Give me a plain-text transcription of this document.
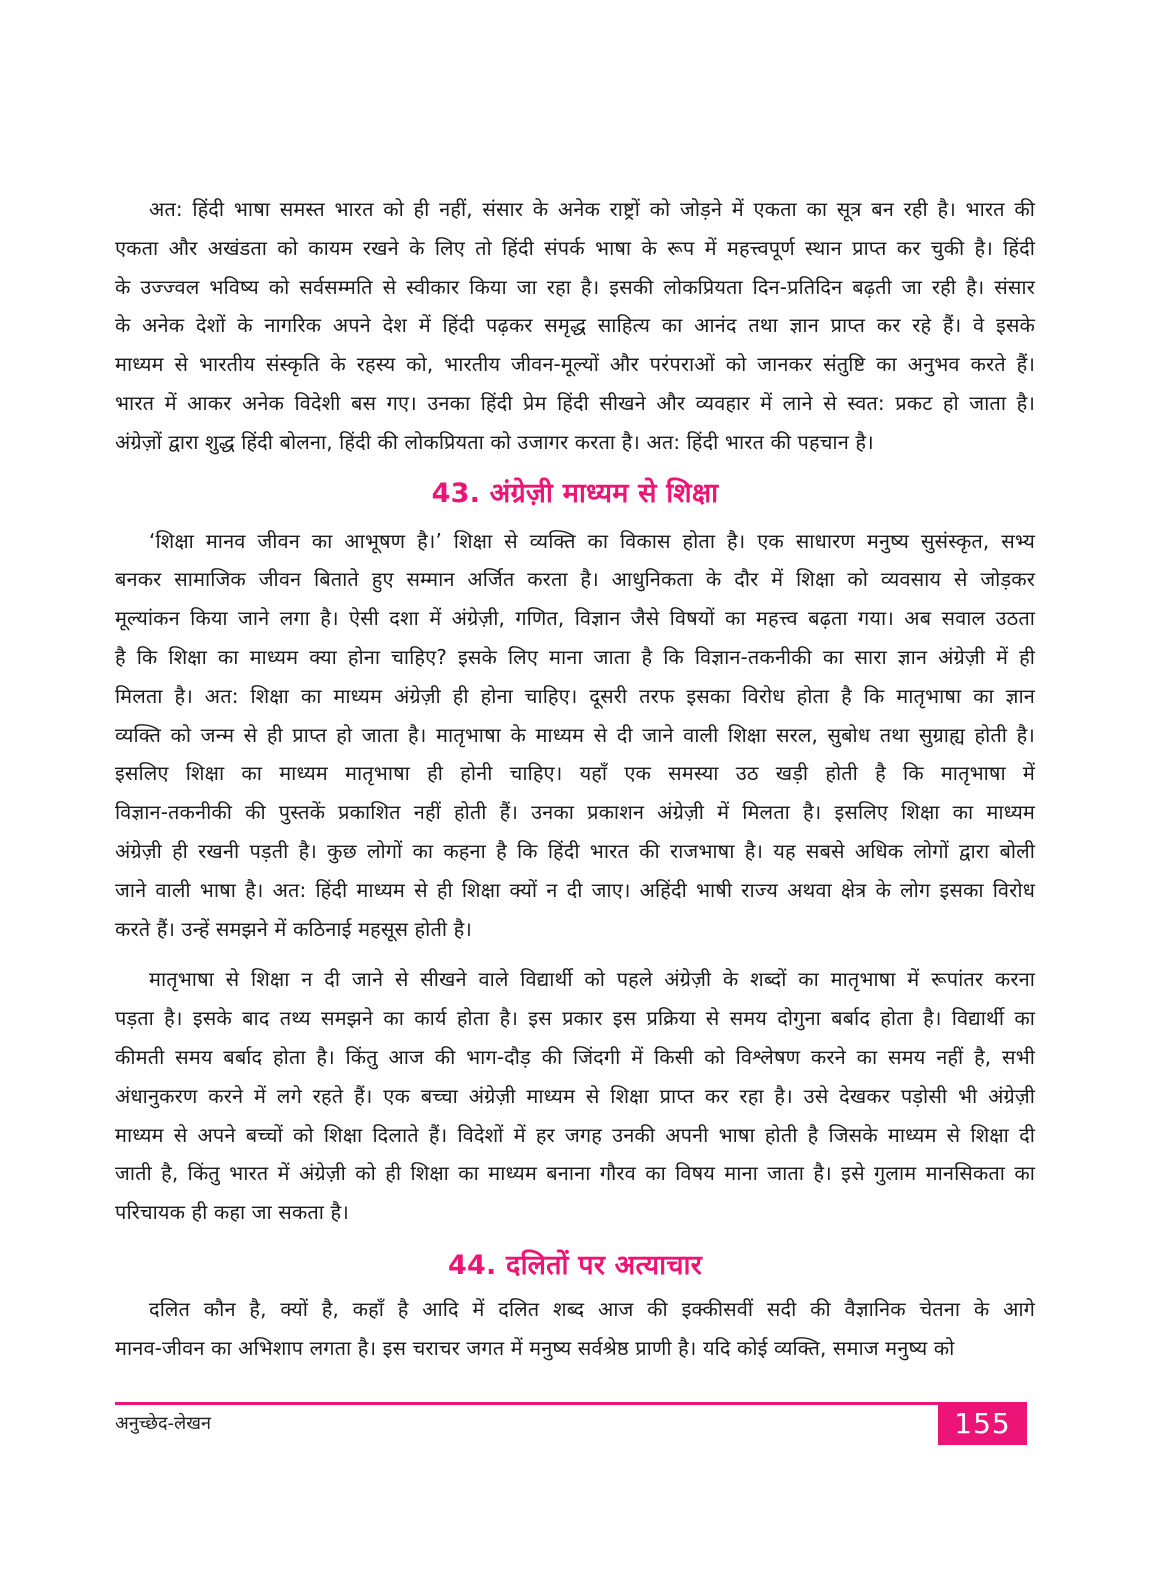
अत: हिंदी भाषा समस्त भारत को ही नहीं, संसार के अनेक राष्ट्रों को जोड़ने में एकता का सूत्र बन रही है। भारत की
एकता और अखंडता को कायम रखने के लिए तो हिंदी संपर्क भाषा के रूप में महत्त्वपूर्ण स्थान प्राप्त कर चुकी है। हिंदी
के उज्ज्वल भविष्य को सर्वसम्मति से स्वीकार किया जा रहा है। इसकी लोकप्रियता दिन-प्रतिदिन बढ़ती जा रही है। संसार
के अनेक देशों के नागरिक अपने देश में हिंदी पढ़कर समृद्ध साहित्य का आनंद तथा ज्ञान प्राप्त कर रहे हैं। वे इसके
माध्यम से भारतीय संस्कृति के रहस्य को, भारतीय जीवन-मूल्यों और परंपराओं को जानकर संतुष्टि का अनुभव करते हैं।
भारत में आकर अनेक विदेशी बस गए। उनका हिंदी प्रेम हिंदी सीखने और व्यवहार में लाने से स्वत: प्रकट हो जाता है।
अंग्रेज़ों द्वारा शुद्ध हिंदी बोलना, हिंदी की लोकप्रियता को उजागर करता है। अत: हिंदी भारत की पहचान है।
43. अंग्रेज़ी माध्यम से शिक्षा
‘शिक्षा मानव जीवन का आभूषण है।’ शिक्षा से व्यक्ति का विकास होता है। एक साधारण मनुष्य सुसंस्कृत, सभ्य
बनकर सामाजिक जीवन बिताते हुए सम्मान अर्जित करता है। आधुनिकता के दौर में शिक्षा को व्यवसाय से जोड़कर
मूल्यांकन किया जाने लगा है। ऐसी दशा में अंग्रेज़ी, गणित, विज्ञान जैसे विषयों का महत्त्व बढ़ता गया। अब सवाल उठता
है कि शिक्षा का माध्यम क्या होना चाहिए? इसके लिए माना जाता है कि विज्ञान-तकनीकी का सारा ज्ञान अंग्रेज़ी में ही
मिलता है। अत: शिक्षा का माध्यम अंग्रेज़ी ही होना चाहिए। दूसरी तरफ इसका विरोध होता है कि मातृभाषा का ज्ञान
व्यक्ति को जन्म से ही प्राप्त हो जाता है। मातृभाषा के माध्यम से दी जाने वाली शिक्षा सरल, सुबोध तथा सुग्राह्य होती है।
इसलिए शिक्षा का माध्यम मातृभाषा ही होनी चाहिए। यहाँ एक समस्या उठ खड़ी होती है कि मातृभाषा में
विज्ञान-तकनीकी की पुस्तकें प्रकाशित नहीं होती हैं। उनका प्रकाशन अंग्रेज़ी में मिलता है। इसलिए शिक्षा का माध्यम
अंग्रेज़ी ही रखनी पड़ती है। कुछ लोगों का कहना है कि हिंदी भारत की राजभाषा है। यह सबसे अधिक लोगों द्वारा बोली
जाने वाली भाषा है। अत: हिंदी माध्यम से ही शिक्षा क्यों न दी जाए। अहिंदी भाषी राज्य अथवा क्षेत्र के लोग इसका विरोध
करते हैं। उन्हें समझने में कठिनाई महसूस होती है।
मातृभाषा से शिक्षा न दी जाने से सीखने वाले विद्यार्थी को पहले अंग्रेज़ी के शब्दों का मातृभाषा में रूपांतर करना
पड़ता है। इसके बाद तथ्य समझने का कार्य होता है। इस प्रकार इस प्रक्रिया से समय दोगुना बर्बाद होता है। विद्यार्थी का
कीमती समय बर्बाद होता है। किंतु आज की भाग-दौड़ की जिंदगी में किसी को विश्लेषण करने का समय नहीं है, सभी
अंधानुकरण करने में लगे रहते हैं। एक बच्चा अंग्रेज़ी माध्यम से शिक्षा प्राप्त कर रहा है। उसे देखकर पड़ोसी भी अंग्रेज़ी
माध्यम से अपने बच्चों को शिक्षा दिलाते हैं। विदेशों में हर जगह उनकी अपनी भाषा होती है जिसके माध्यम से शिक्षा दी
जाती है, किंतु भारत में अंग्रेज़ी को ही शिक्षा का माध्यम बनाना गौरव का विषय माना जाता है। इसे गुलाम मानसिकता का
परिचायक ही कहा जा सकता है।
44. दलितों पर अत्याचार
दलित कौन है, क्यों है, कहाँ है आदि में दलित शब्द आज की इक्कीसवीं सदी की वैज्ञानिक चेतना के आगे
मानव-जीवन का अभिशाप लगता है। इस चराचर जगत में मनुष्य सर्वश्रेष्ठ प्राणी है। यदि कोई व्यक्ति, समाज मनुष्य को
अनुच्छेद-लेखन	155
